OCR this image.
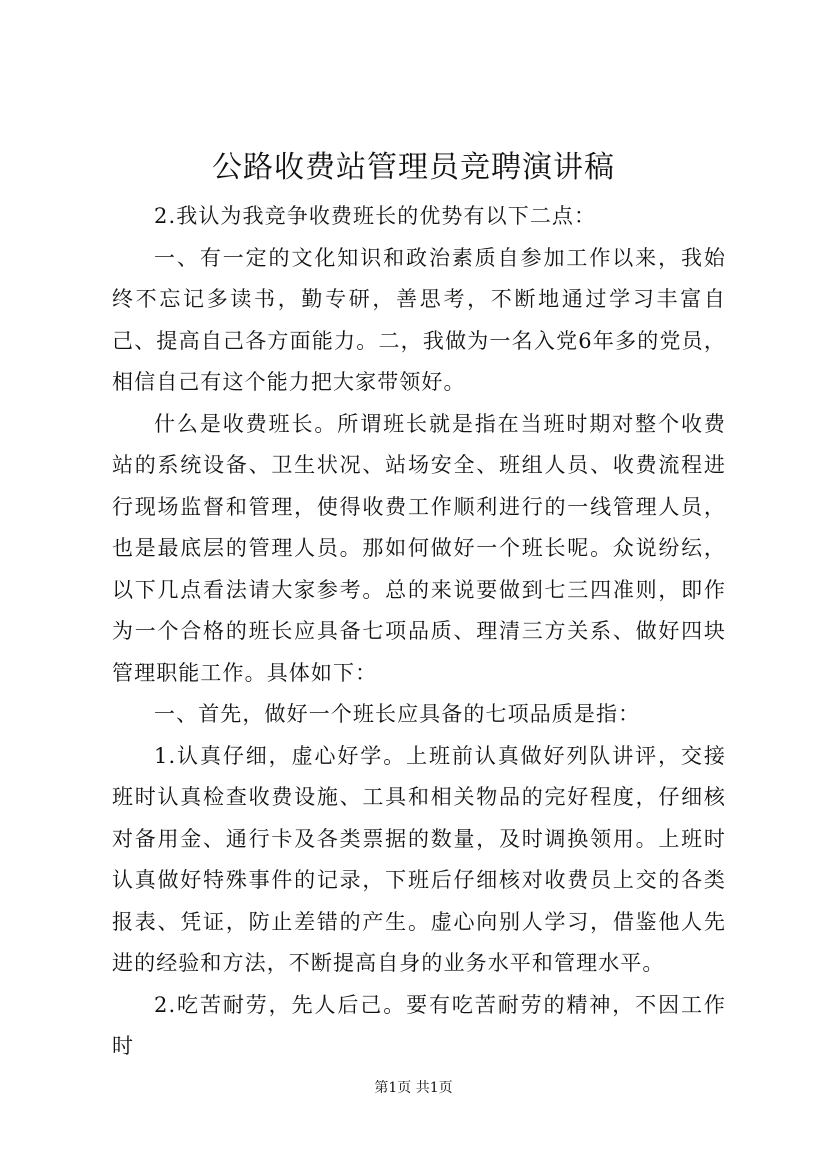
公路收费站管理员竞聘演讲稿

2.我认为我竞争收费班长的优势有以下二点：

一、有一定的文化知识和政治素质自参加工作以来，我始终不忘记多读书，勤专研，善思考，不断地通过学习丰富自己、提高自己各方面能力。二，我做为一名入党6年多的党员，相信自己有这个能力把大家带领好。

什么是收费班长。所谓班长就是指在当班时期对整个收费站的系统设备、卫生状况、站场安全、班组人员、收费流程进行现场监督和管理，使得收费工作顺利进行的一线管理人员，也是最底层的管理人员。那如何做好一个班长呢。众说纷纭，以下几点看法请大家参考。总的来说要做到七三四准则，即作为一个合格的班长应具备七项品质、理清三方关系、做好四块管理职能工作。具体如下：

一、首先，做好一个班长应具备的七项品质是指：

1.认真仔细，虚心好学。上班前认真做好列队讲评，交接班时认真检查收费设施、工具和相关物品的完好程度，仔细核对备用金、通行卡及各类票据的数量，及时调换领用。上班时认真做好特殊事件的记录，下班后仔细核对收费员上交的各类报表、凭证，防止差错的产生。虚心向别人学习，借鉴他人先进的经验和方法，不断提高自身的业务水平和管理水平。

2.吃苦耐劳，先人后己。要有吃苦耐劳的精神，不因工作时

第1页 共1页
